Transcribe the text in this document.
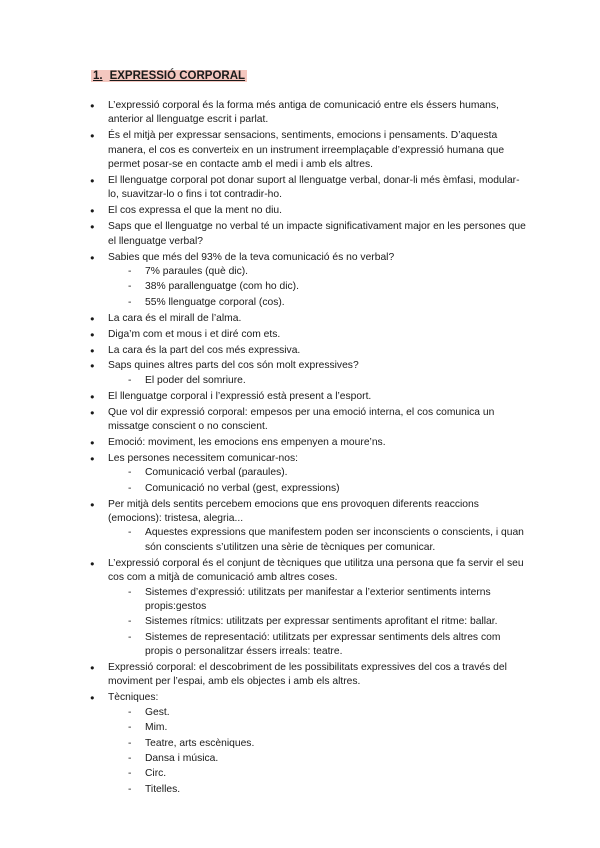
1. EXPRESSIÓ CORPORAL
● L’expressió corporal és la forma més antiga de comunicació entre els éssers humans, anterior al llenguatge escrit i parlat.
● És el mitjà per expressar sensacions, sentiments, emocions i pensaments. D’aquesta manera, el cos es converteix en un instrument irreemplaçable d’expressió humana que permet posar-se en contacte amb el medi i amb els altres.
● El llenguatge corporal pot donar suport al llenguatge verbal, donar-li més èmfasi, modular-lo, suavitzar-lo o fins i tot contradir-ho.
● El cos expressa el que la ment no diu.
● Saps que el llenguatge no verbal té un impacte significativament major en les persones que el llenguatge verbal?
● Sabies que més del 93% de la teva comunicació és no verbal?
- 7% paraules (què dic).
- 38% parallenguatge (com ho dic).
- 55% llenguatge corporal (cos).
● La cara és el mirall de l’alma.
● Diga’m com et mous i et diré com ets.
● La cara és la part del cos més expressiva.
● Saps quines altres parts del cos són molt expressives?
- El poder del somriure.
● El llenguatge corporal i l’expressió està present a l’esport.
● Que vol dir expressió corporal: empesos per una emoció interna, el cos comunica un missatge conscient o no conscient.
● Emoció: moviment, les emocions ens empenyen a moure’ns.
● Les persones necessitem comunicar-nos:
- Comunicació verbal (paraules).
- Comunicació no verbal (gest, expressions)
● Per mitjà dels sentits percebem emocions que ens provoquen diferents reaccions (emocions): tristesa, alegria...
- Aquestes expressions que manifestem poden ser inconscients o conscients, i quan són conscients s’utilitzen una sèrie de tècniques per comunicar.
● L’expressió corporal és el conjunt de tècniques que utilitza una persona que fa servir el seu cos com a mitjà de comunicació amb altres coses.
- Sistemes d’expressió: utilitzats per manifestar a l’exterior sentiments interns propis:gestos
- Sistemes rítmics: utilitzats per expressar sentiments aprofitant el ritme: ballar.
- Sistemes de representació: utilitzats per expressar sentiments dels altres com propis o personalitzar éssers irreals: teatre.
● Expressió corporal: el descobriment de les possibilitats expressives del cos a través del moviment per l’espai, amb els objectes i amb els altres.
● Tècniques:
- Gest.
- Mim.
- Teatre, arts escèniques.
- Dansa i música.
- Circ.
- Titelles.
